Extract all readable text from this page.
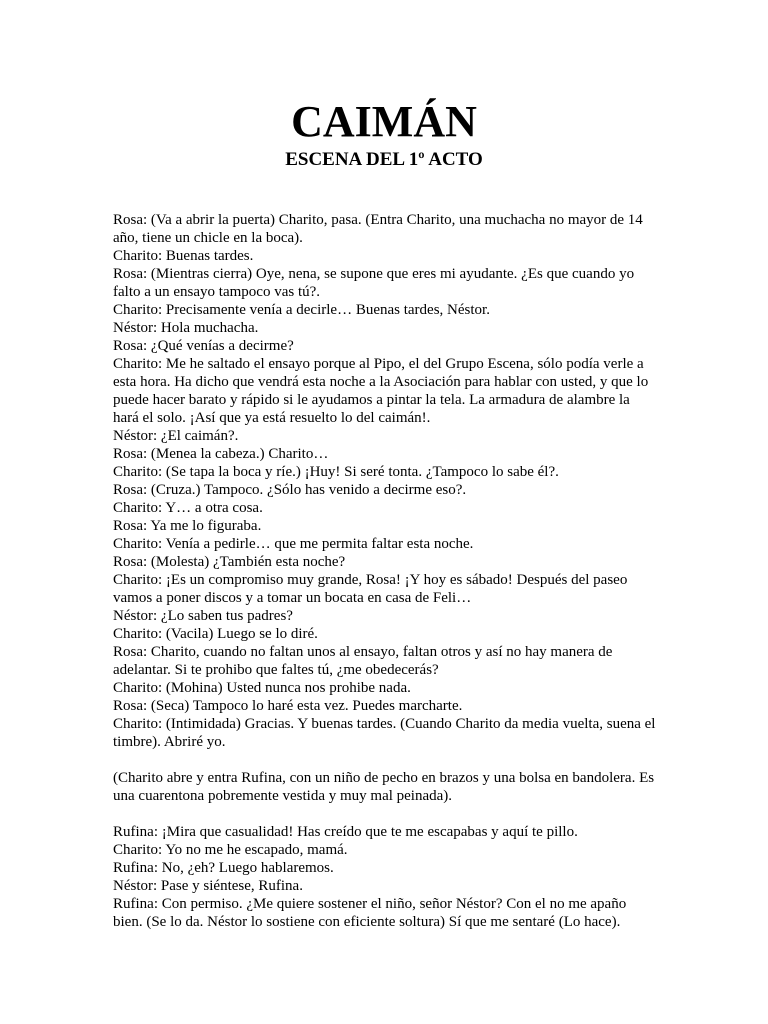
CAIMÁN
ESCENA DEL 1º ACTO

Rosa: (Va a abrir la puerta) Charito, pasa. (Entra Charito, una muchacha no mayor de 14 año, tiene un chicle en la boca).

Charito: Buenas tardes.

Rosa: (Mientras cierra) Oye, nena, se supone que eres mi ayudante. ¿Es que cuando yo falto a un ensayo tampoco vas tú?.

Charito: Precisamente venía a decirle… Buenas tardes, Néstor.

Néstor: Hola muchacha.

Rosa: ¿Qué venías a decirme?

Charito: Me he saltado el ensayo porque al Pipo, el del Grupo Escena, sólo podía verle a esta hora. Ha dicho que vendrá esta noche a la Asociación para hablar con usted, y que lo puede hacer barato y rápido si le ayudamos a pintar la tela. La armadura de alambre la hará el solo. ¡Así que ya está resuelto lo del caimán!.

Néstor: ¿El caimán?.

Rosa: (Menea la cabeza.) Charito…

Charito: (Se tapa la boca y ríe.) ¡Huy! Si seré tonta. ¿Tampoco lo sabe él?.

Rosa: (Cruza.) Tampoco. ¿Sólo has venido a decirme eso?.

Charito: Y… a otra cosa.

Rosa: Ya me lo figuraba.

Charito: Venía a pedirle… que me permita faltar esta noche.

Rosa: (Molesta) ¿También esta noche?

Charito: ¡Es un compromiso muy grande, Rosa! ¡Y hoy es sábado! Después del paseo vamos a poner discos y a tomar un bocata en casa de Feli…

Néstor: ¿Lo saben tus padres?

Charito: (Vacila) Luego se lo diré.

Rosa: Charito, cuando no faltan unos al ensayo, faltan otros y así no hay manera de adelantar. Si te prohibo que faltes tú, ¿me obedecerás?

Charito: (Mohina) Usted nunca nos prohibe nada.

Rosa: (Seca) Tampoco lo haré esta vez. Puedes marcharte.

Charito: (Intimidada) Gracias. Y buenas tardes. (Cuando Charito da media vuelta, suena el timbre). Abriré yo.

(Charito abre y entra Rufina, con un niño de pecho en brazos y una bolsa en bandolera. Es una cuarentona pobremente vestida y muy mal peinada).

Rufina: ¡Mira que casualidad! Has creído que te me escapabas y aquí te pillo.

Charito: Yo no me he escapado, mamá.

Rufina: No, ¿eh? Luego hablaremos.

Néstor: Pase y siéntese, Rufina.

Rufina: Con permiso. ¿Me quiere sostener el niño, señor Néstor? Con el no me apaño bien. (Se lo da. Néstor lo sostiene con eficiente soltura) Sí que me sentaré (Lo hace).
